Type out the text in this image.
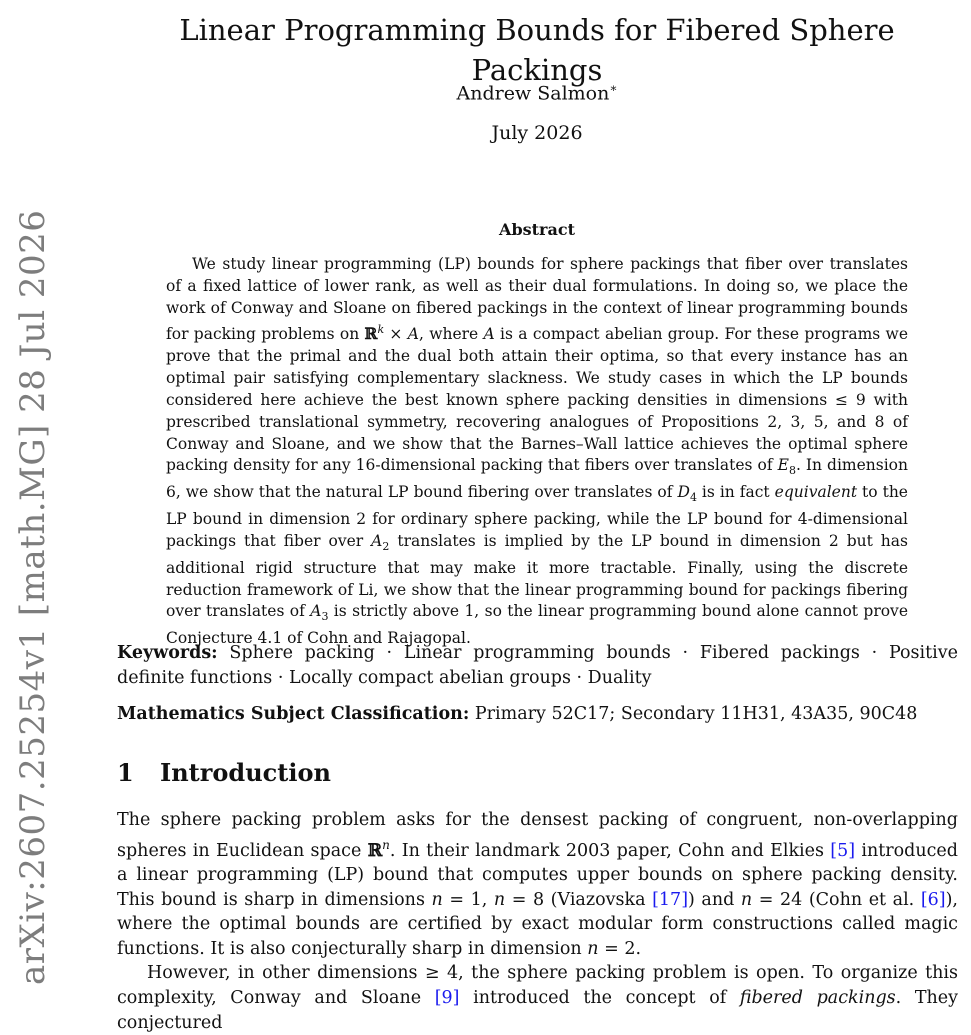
arXiv:2607.25254v1 [math.MG] 28 Jul 2026
Linear Programming Bounds for Fibered Sphere Packings
Andrew Salmon∗
July 2026
Abstract
We study linear programming (LP) bounds for sphere packings that fiber over translates of a fixed lattice of lower rank, as well as their dual formulations. In doing so, we place the work of Conway and Sloane on fibered packings in the context of linear programming bounds for packing problems on ℝ$^k$ × A, where A is a compact abelian group. For these programs we prove that the primal and the dual both attain their optima, so that every instance has an optimal pair satisfying complementary slackness. We study cases in which the LP bounds considered here achieve the best known sphere packing densities in dimensions ≤ 9 with prescribed translational symmetry, recovering analogues of Propositions 2, 3, 5, and 8 of Conway and Sloane, and we show that the Barnes–Wall lattice achieves the optimal sphere packing density for any 16-dimensional packing that fibers over translates of $E_8$. In dimension 6, we show that the natural LP bound fibering over translates of $D_4$ is in fact equivalent to the LP bound in dimension 2 for ordinary sphere packing, while the LP bound for 4-dimensional packings that fiber over $A_2$ translates is implied by the LP bound in dimension 2 but has additional rigid structure that may make it more tractable. Finally, using the discrete reduction framework of Li, we show that the linear programming bound for packings fibering over translates of $A_3$ is strictly above 1, so the linear programming bound alone cannot prove Conjecture 4.1 of Cohn and Rajagopal.
Keywords: Sphere packing · Linear programming bounds · Fibered packings · Positive definite functions · Locally compact abelian groups · Duality
Mathematics Subject Classification: Primary 52C17; Secondary 11H31, 43A35, 90C48
1 Introduction

The sphere packing problem asks for the densest packing of congruent, non-overlapping spheres in Euclidean space ℝ$^n$. In their landmark 2003 paper, Cohn and Elkies [5] introduced a linear programming (LP) bound that computes upper bounds on sphere packing density. This bound is sharp in dimensions n = 1, n = 8 (Viazovska [17]) and n = 24 (Cohn et al. [6]), where the optimal bounds are certified by exact modular form constructions called magic functions. It is also conjecturally sharp in dimension n = 2.

However, in other dimensions ≥ 4, the sphere packing problem is open. To organize this complexity, Conway and Sloane [9] introduced the concept of fibered packings. They conjectured
